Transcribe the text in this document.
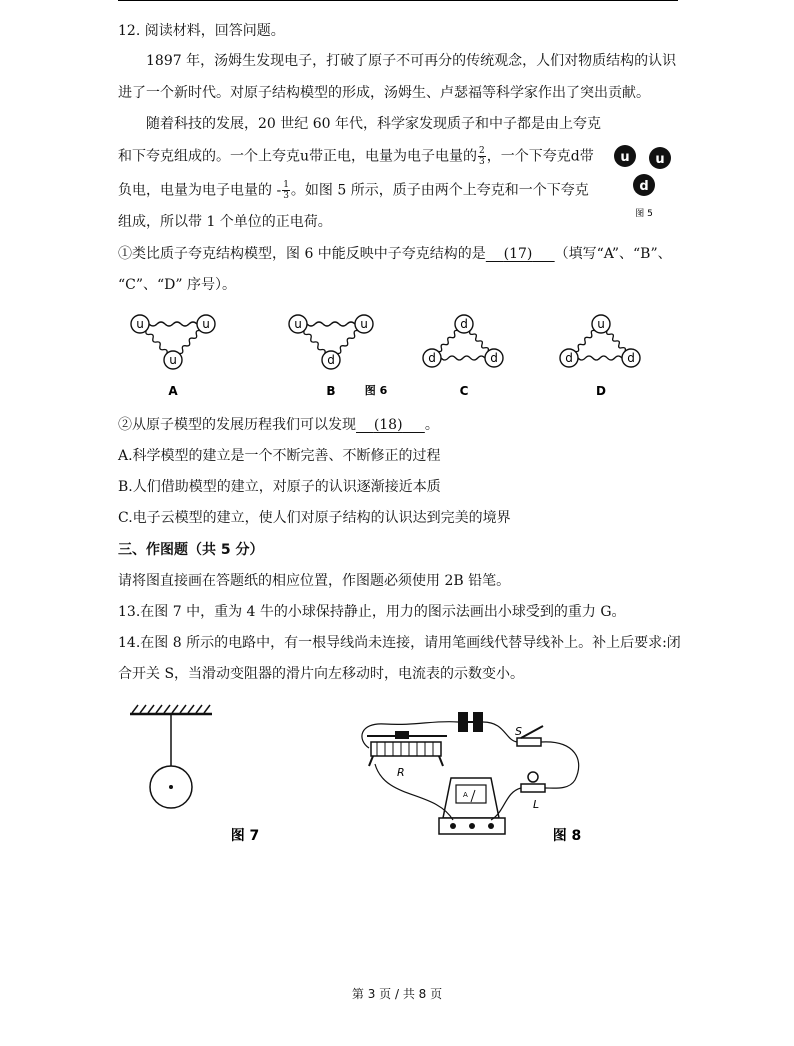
12. 阅读材料，回答问题。
1897 年，汤姆生发现电子，打破了原子不可再分的传统观念，人们对物质结构的认识
进了一个新时代。对原子结构模型的形成，汤姆生、卢瑟福等科学家作出了突出贡献。
随着科技的发展，20 世纪 60 年代，科学家发现质子和中子都是由上夸克
和下夸克组成的。一个上夸克u带正电，电量为电子电量的 $\frac{2}{3}$ ，一个下夸克d带
负电，电量为电子电量的 - $\frac{1}{3}$ 。如图 5 所示，质子由两个上夸克和一个下夸克
组成，所以带 1 个单位的正电荷。
u u
d
图 5
①类比质子夸克结构模型，图 6 中能反映中子夸克结构的是 (17) （填写“A”、“B”、
“C”、“D” 序号）。
u	u
u
A
u	u
d
B
d
d	d
C
u
d	d
D
图 6
②从原子模型的发展历程我们可以发现 (18) 。
A.科学模型的建立是一个不断完善、不断修正的过程
B.人们借助模型的建立，对原子的认识逐渐接近本质
C.电子云模型的建立，使人们对原子结构的认识达到完美的境界
三、作图题（共 5 分）
请将图直接画在答题纸的相应位置，作图题必须使用 2B 铅笔。
13.在图 7 中，重为 4 牛的小球保持静止，用力的图示法画出小球受到的重力 G。
14.在图 8 所示的电路中，有一根导线尚未连接，请用笔画线代替导线补上。补上后要求:闭
合开关 S，当滑动变阻器的滑片向左移动时，电流表的示数变小。
图 7
R
S
L
A
图 8
第 3 页 / 共 8 页
